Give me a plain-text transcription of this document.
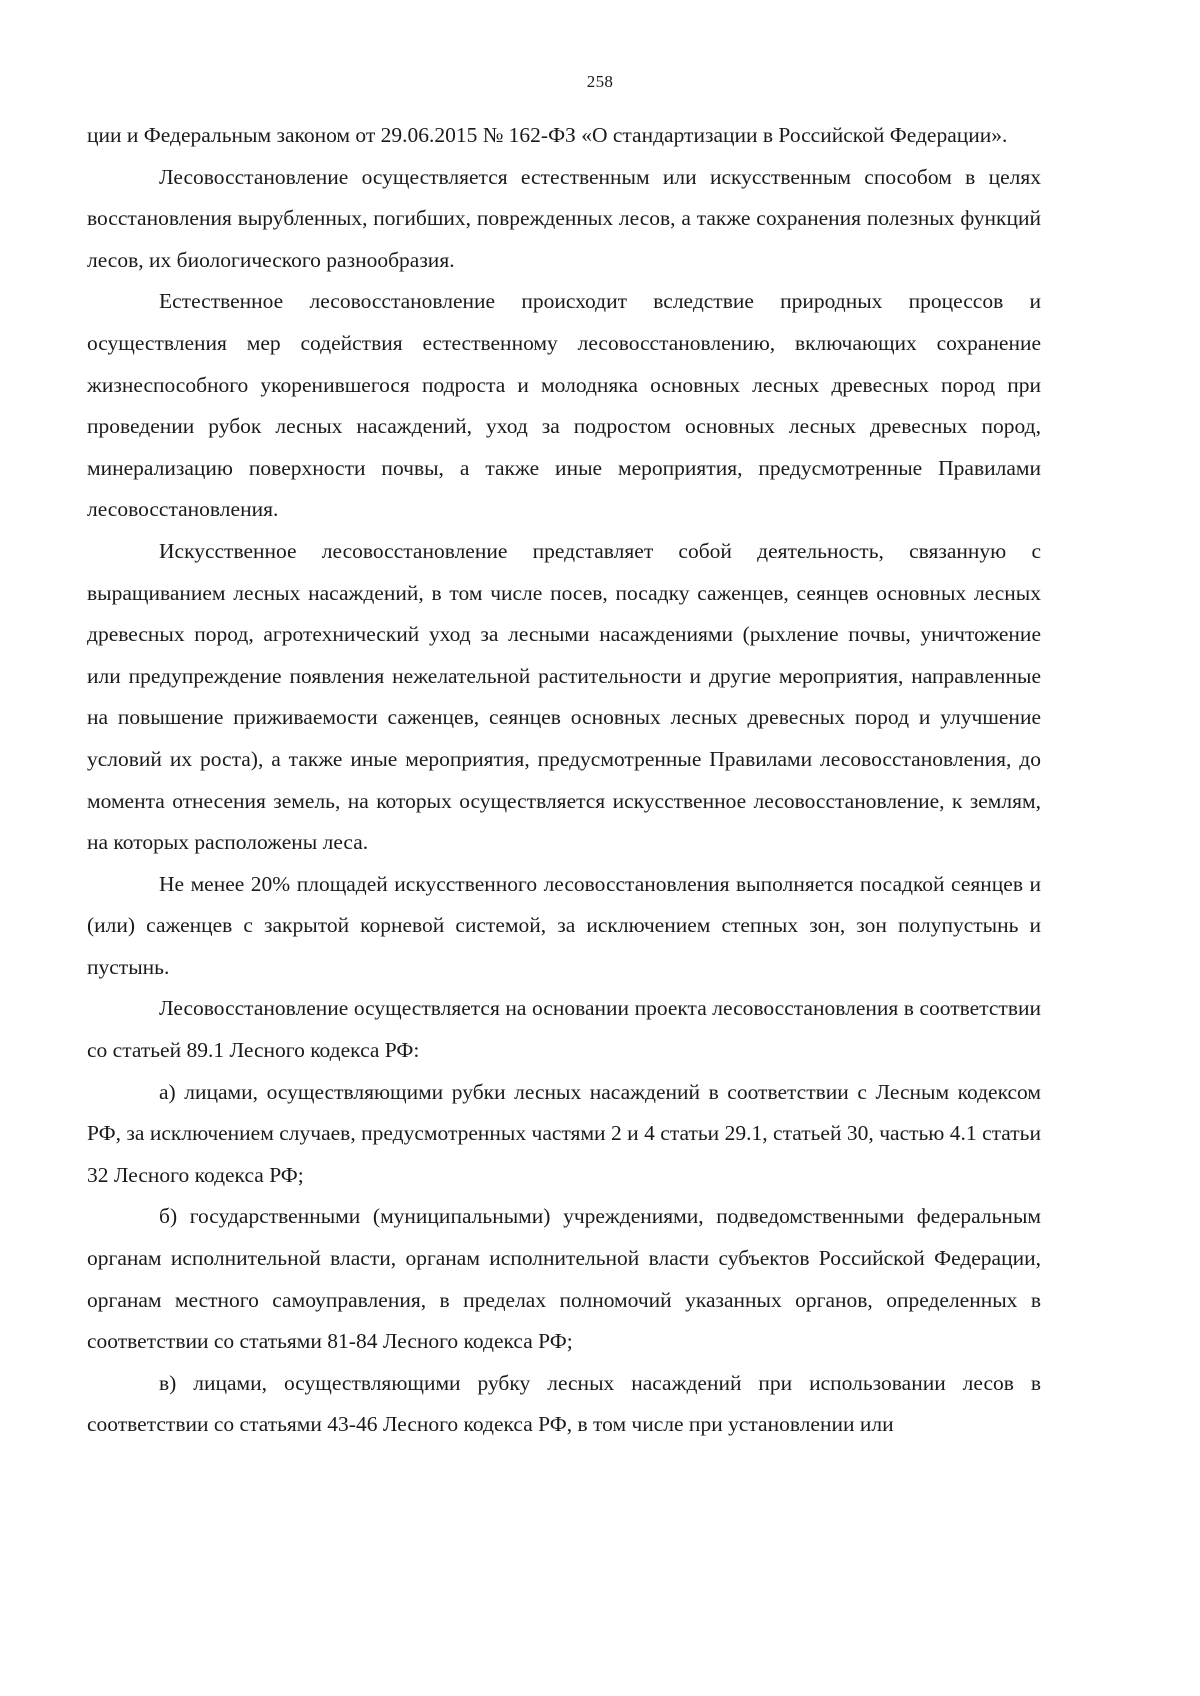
258

ции и Федеральным законом от 29.06.2015 № 162-ФЗ «О стандартизации в Российской Федерации».

Лесовосстановление осуществляется естественным или искусственным способом в целях восстановления вырубленных, погибших, поврежденных лесов, а также сохранения полезных функций лесов, их биологического разнообразия.

Естественное лесовосстановление происходит вследствие природных процессов и осуществления мер содействия естественному лесовосстановлению, включающих сохранение жизнеспособного укоренившегося подроста и молодняка основных лесных древесных пород при проведении рубок лесных насаждений, уход за подростом основных лесных древесных пород, минерализацию поверхности почвы, а также иные мероприятия, предусмотренные Правилами лесовосстановления.

Искусственное лесовосстановление представляет собой деятельность, связанную с выращиванием лесных насаждений, в том числе посев, посадку саженцев, сеянцев основных лесных древесных пород, агротехнический уход за лесными насаждениями (рыхление почвы, уничтожение или предупреждение появления нежелательной растительности и другие мероприятия, направленные на повышение приживаемости саженцев, сеянцев основных лесных древесных пород и улучшение условий их роста), а также иные мероприятия, предусмотренные Правилами лесовосстановления, до момента отнесения земель, на которых осуществляется искусственное лесовосстановление, к землям, на которых расположены леса.

Не менее 20% площадей искусственного лесовосстановления выполняется посадкой сеянцев и (или) саженцев с закрытой корневой системой, за исключением степных зон, зон полупустынь и пустынь.

Лесовосстановление осуществляется на основании проекта лесовосстановления в соответствии со статьей 89.1 Лесного кодекса РФ:

а) лицами, осуществляющими рубки лесных насаждений в соответствии с Лесным кодексом РФ, за исключением случаев, предусмотренных частями 2 и 4 статьи 29.1, статьей 30, частью 4.1 статьи 32 Лесного кодекса РФ;

б) государственными (муниципальными) учреждениями, подведомственными федеральным органам исполнительной власти, органам исполнительной власти субъектов Российской Федерации, органам местного самоуправления, в пределах полномочий указанных органов, определенных в соответствии со статьями 81-84 Лесного кодекса РФ;

в) лицами, осуществляющими рубку лесных насаждений при использовании лесов в соответствии со статьями 43-46 Лесного кодекса РФ, в том числе при установлении или
